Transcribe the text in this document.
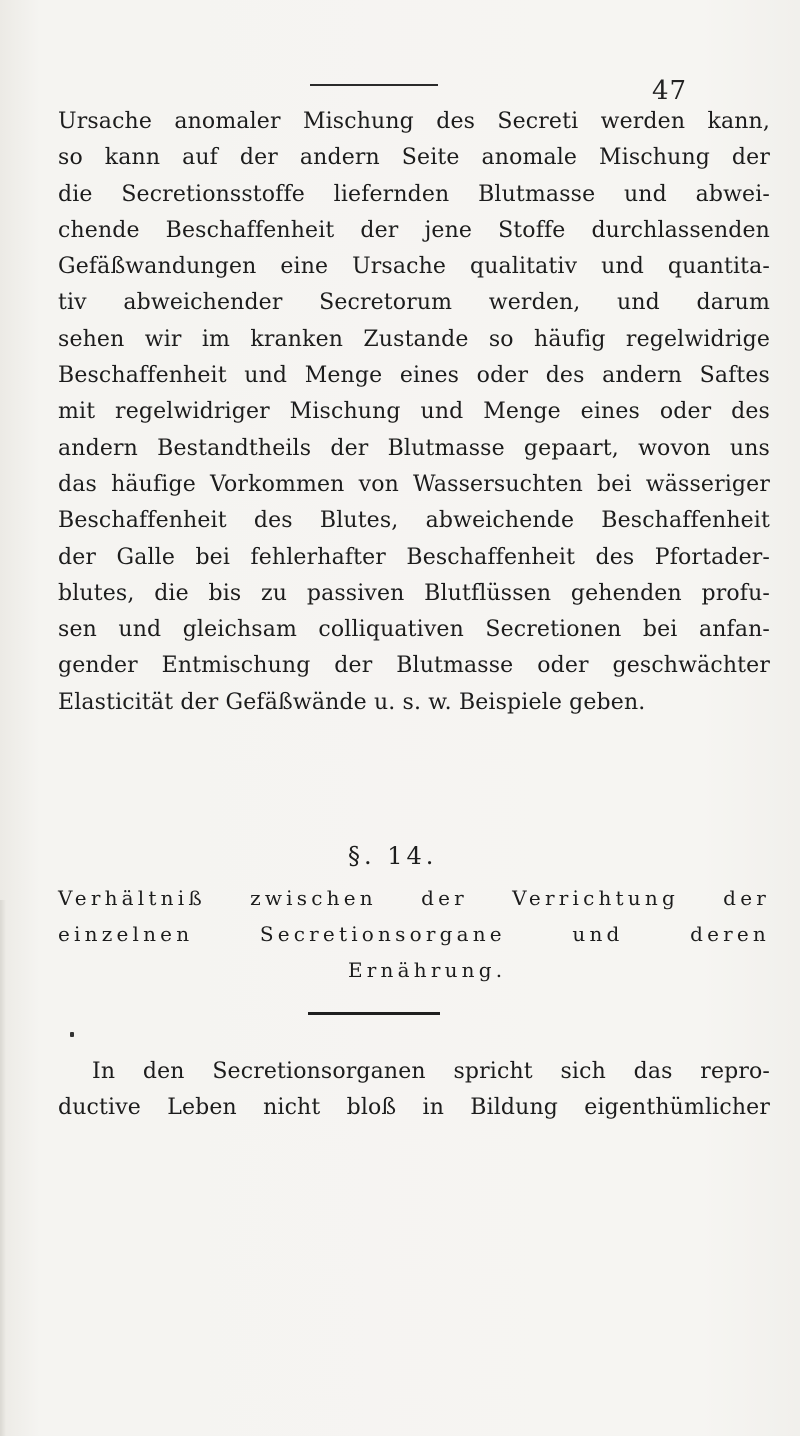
47
Ursache anomaler Mischung des Secreti werden kann,
so kann auf der andern Seite anomale Mischung der
die Secretionsstoffe liefernden Blutmasse und abwei-
chende Beschaffenheit der jene Stoffe durchlassenden
Gefäßwandungen eine Ursache qualitativ und quantita-
tiv abweichender Secretorum werden, und darum
sehen wir im kranken Zustande so häufig regelwidrige
Beschaffenheit und Menge eines oder des andern Saftes
mit regelwidriger Mischung und Menge eines oder des
andern Bestandtheils der Blutmasse gepaart, wovon uns
das häufige Vorkommen von Wassersuchten bei wässeriger
Beschaffenheit des Blutes, abweichende Beschaffenheit
der Galle bei fehlerhafter Beschaffenheit des Pfortader-
blutes, die bis zu passiven Blutflüssen gehenden profu-
sen und gleichsam colliquativen Secretionen bei anfan-
gender Entmischung der Blutmasse oder geschwächter
Elasticität der Gefäßwände u. s. w. Beispiele geben.
§. 14.
Verhältniß zwischen der Verrichtung der
einzelnen Secretionsorgane und deren
Ernährung.
In den Secretionsorganen spricht sich das repro-
ductive Leben nicht bloß in Bildung eigenthümlicher
